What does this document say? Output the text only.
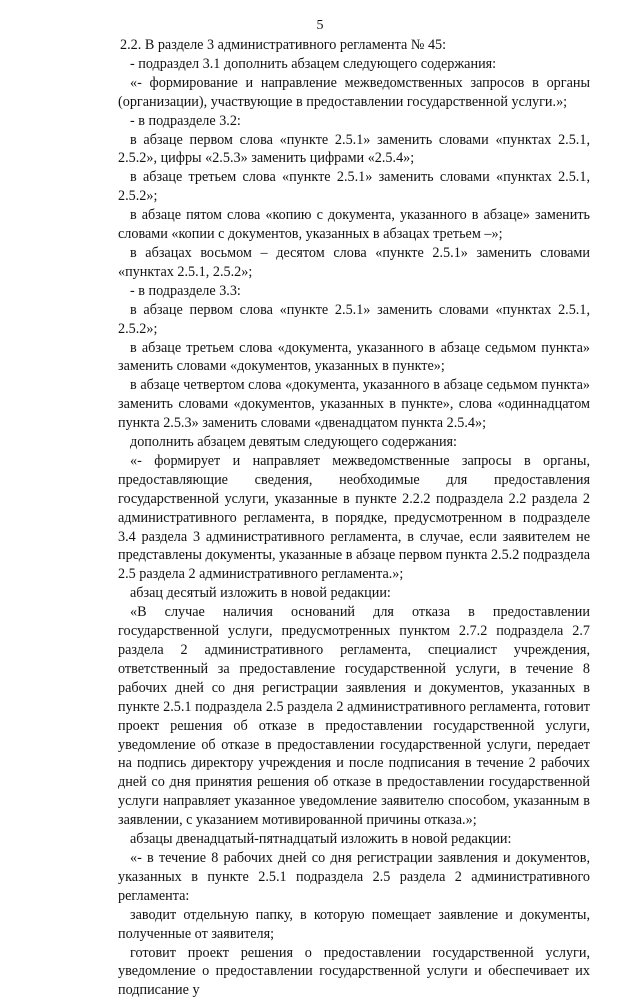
5

2.2. В разделе 3 административного регламента № 45:

- подраздел 3.1 дополнить абзацем следующего содержания:

«- формирование и направление межведомственных запросов в органы (организации), участвующие в предоставлении государственной услуги.»;

- в подразделе 3.2:

в абзаце первом слова «пункте 2.5.1» заменить словами «пунктах 2.5.1, 2.5.2», цифры «2.5.3» заменить цифрами «2.5.4»;

в абзаце третьем слова «пункте 2.5.1» заменить словами «пунктах 2.5.1, 2.5.2»;

в абзаце пятом слова «копию с документа, указанного в абзаце» заменить словами «копии с документов, указанных в абзацах третьем –»;

в абзацах восьмом – десятом слова «пункте 2.5.1» заменить словами «пунктах 2.5.1, 2.5.2»;

- в подразделе 3.3:

в абзаце первом слова «пункте 2.5.1» заменить словами «пунктах 2.5.1, 2.5.2»;

в абзаце третьем слова «документа, указанного в абзаце седьмом пункта» заменить словами «документов, указанных в пункте»;

в абзаце четвертом слова «документа, указанного в абзаце седьмом пункта» заменить словами «документов, указанных в пункте», слова «одиннадцатом пункта 2.5.3» заменить словами «двенадцатом пункта 2.5.4»;

дополнить абзацем девятым следующего содержания:

«- формирует и направляет межведомственные запросы в органы, предоставляющие сведения, необходимые для предоставления государственной услуги, указанные в пункте 2.2.2 подраздела 2.2 раздела 2 административного регламента, в порядке, предусмотренном в подразделе 3.4 раздела 3 административного регламента, в случае, если заявителем не представлены документы, указанные в абзаце первом пункта 2.5.2 подраздела 2.5 раздела 2 административного регламента.»;

абзац десятый изложить в новой редакции:

«В случае наличия оснований для отказа в предоставлении государственной услуги, предусмотренных пунктом 2.7.2 подраздела 2.7 раздела 2 административного регламента, специалист учреждения, ответственный за предоставление государственной услуги, в течение 8 рабочих дней со дня регистрации заявления и документов, указанных в пункте 2.5.1 подраздела 2.5 раздела 2 административного регламента, готовит проект решения об отказе в предоставлении государственной услуги, уведомление об отказе в предоставлении государственной услуги, передает на подпись директору учреждения и после подписания в течение 2 рабочих дней со дня принятия решения об отказе в предоставлении государственной услуги направляет указанное уведомление заявителю способом, указанным в заявлении, с указанием мотивированной причины отказа.»;

абзацы двенадцатый-пятнадцатый изложить в новой редакции:

«- в течение 8 рабочих дней со дня регистрации заявления и документов, указанных в пункте 2.5.1 подраздела 2.5 раздела 2 административного регламента:

заводит отдельную папку, в которую помещает заявление и документы, полученные от заявителя;

готовит проект решения о предоставлении государственной услуги, уведомление о предоставлении государственной услуги и обеспечивает их подписание у
